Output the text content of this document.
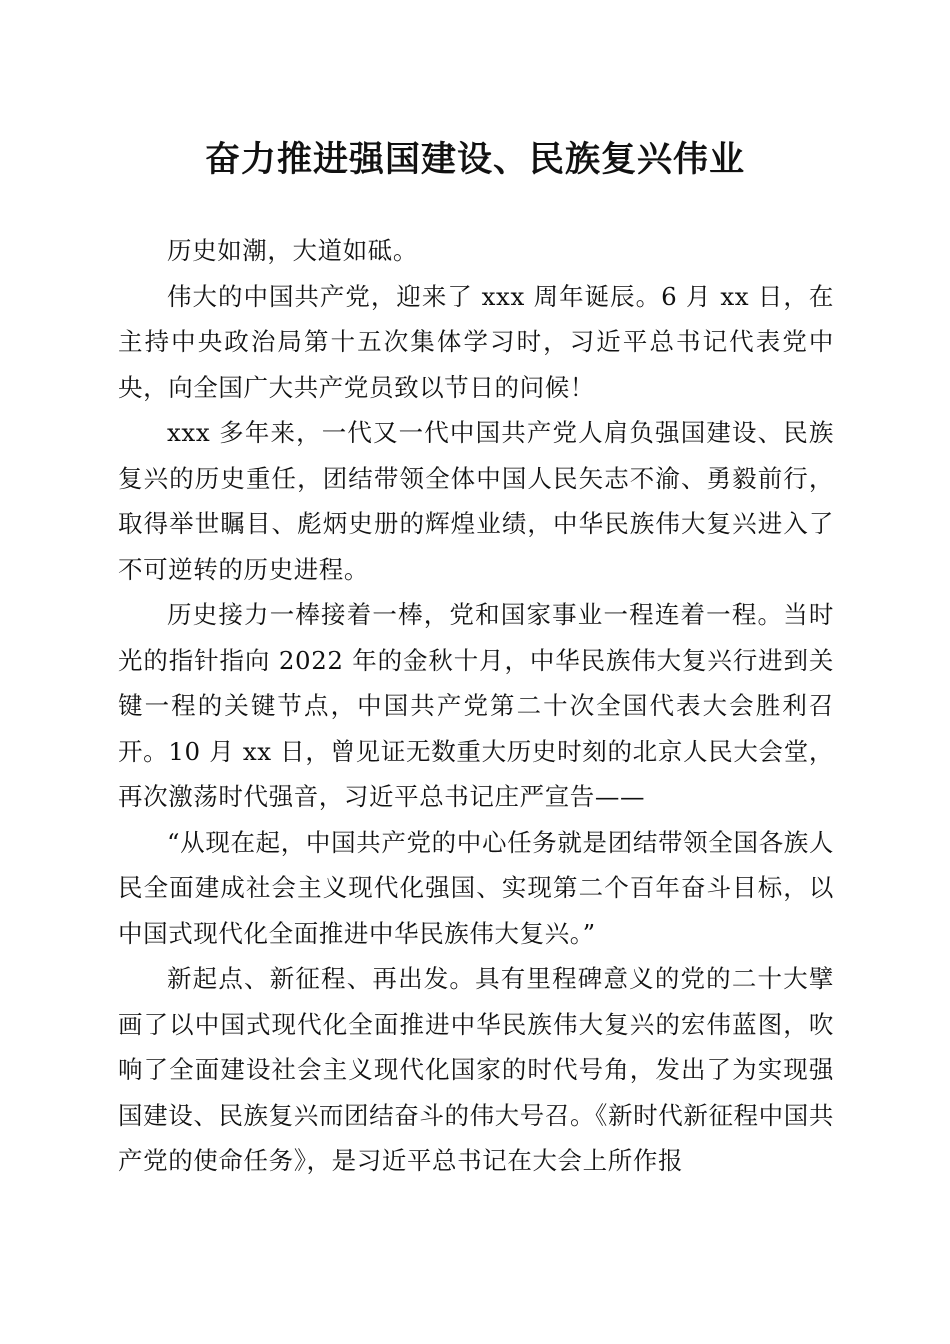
奋力推进强国建设、民族复兴伟业

历史如潮，大道如砥。

伟大的中国共产党，迎来了 xxx 周年诞辰。6 月 xx 日，在主持中央政治局第十五次集体学习时，习近平总书记代表党中央，向全国广大共产党员致以节日的问候！

xxx 多年来，一代又一代中国共产党人肩负强国建设、民族复兴的历史重任，团结带领全体中国人民矢志不渝、勇毅前行，取得举世瞩目、彪炳史册的辉煌业绩，中华民族伟大复兴进入了不可逆转的历史进程。

历史接力一棒接着一棒，党和国家事业一程连着一程。当时光的指针指向 2022 年的金秋十月，中华民族伟大复兴行进到关键一程的关键节点，中国共产党第二十次全国代表大会胜利召开。10 月 xx 日，曾见证无数重大历史时刻的北京人民大会堂，再次激荡时代强音，习近平总书记庄严宣告——

“从现在起，中国共产党的中心任务就是团结带领全国各族人民全面建成社会主义现代化强国、实现第二个百年奋斗目标，以中国式现代化全面推进中华民族伟大复兴。”

新起点、新征程、再出发。具有里程碑意义的党的二十大擘画了以中国式现代化全面推进中华民族伟大复兴的宏伟蓝图，吹响了全面建设社会主义现代化国家的时代号角，发出了为实现强国建设、民族复兴而团结奋斗的伟大号召。《新时代新征程中国共产党的使命任务》，是习近平总书记在大会上所作报
